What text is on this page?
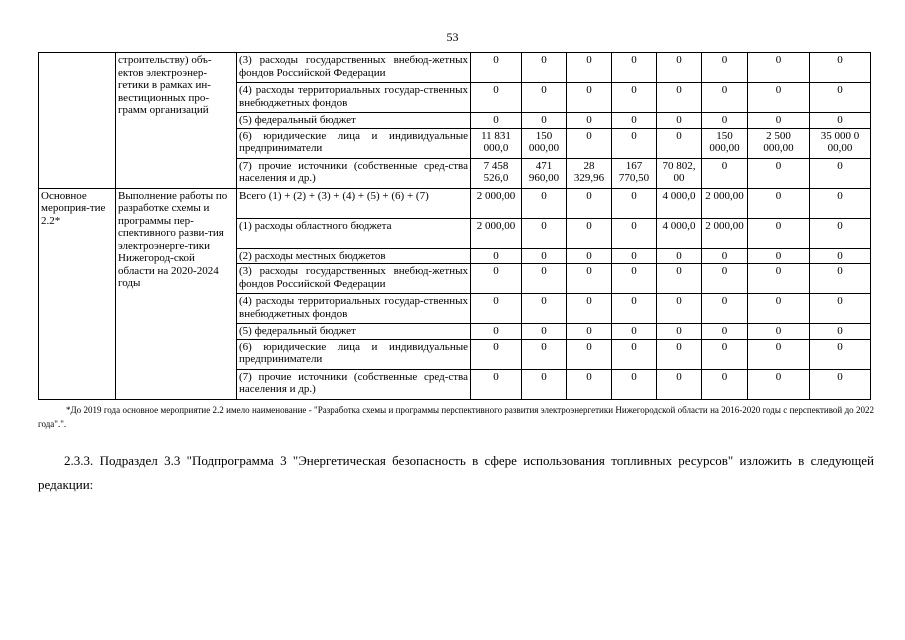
53
	строительству) объ-ектов электроэнер-гетики в рамках ин-вестиционных про-грамм организаций	(3) расходы государственных внебюд-жетных фондов Российской Федерации	0	0	0	0	0	0	0	0
		(4) расходы территориальных государ-ственных внебюджетных фондов	0	0	0	0	0	0	0	0
		(5) федеральный бюджет	0	0	0	0	0	0	0	0
		(6) юридические лица и индивидуальные предприниматели	11 831 000,0	150 000,00	0	0	0	150 000,00	2 500 000,00	35 000 0 00,00
		(7) прочие источники (собственные сред-ства населения и др.)	7 458 526,0	471 960,00	28 329,96	167 770,50	70 802, 00	0	0	0
Основное мероприя-тие 2.2*	Выполнение работы по разработке схемы и программы пер-спективного разви-тия электроэнерге-тики Нижегород-ской области на 2020-2024 годы	Всего (1) + (2) + (3) + (4) + (5) + (6) + (7)	2 000,00	0	0	0	4 000,0	2 000,00	0	0
		(1) расходы областного бюджета	2 000,00	0	0	0	4 000,0	2 000,00	0	0
		(2) расходы местных бюджетов	0	0	0	0	0	0	0	0
		(3) расходы государственных внебюд-жетных фондов Российской Федерации	0	0	0	0	0	0	0	0
		(4) расходы территориальных государ-ственных внебюджетных фондов	0	0	0	0	0	0	0	0
		(5) федеральный бюджет	0	0	0	0	0	0	0	0
		(6) юридические лица и индивидуальные предприниматели	0	0	0	0	0	0	0	0
		(7) прочие источники (собственные сред-ства населения и др.)	0	0	0	0	0	0	0	0
*До 2019 года основное мероприятие 2.2 имело наименование - "Разработка схемы и программы перспективного развития электроэнергетики Нижегородской области на 2016-2020 годы с перспективой до 2022 года".".
2.3.3. Подраздел 3.3 "Подпрограмма 3 "Энергетическая безопасность в сфере использования топливных ресурсов" изложить в следующей редакции:
